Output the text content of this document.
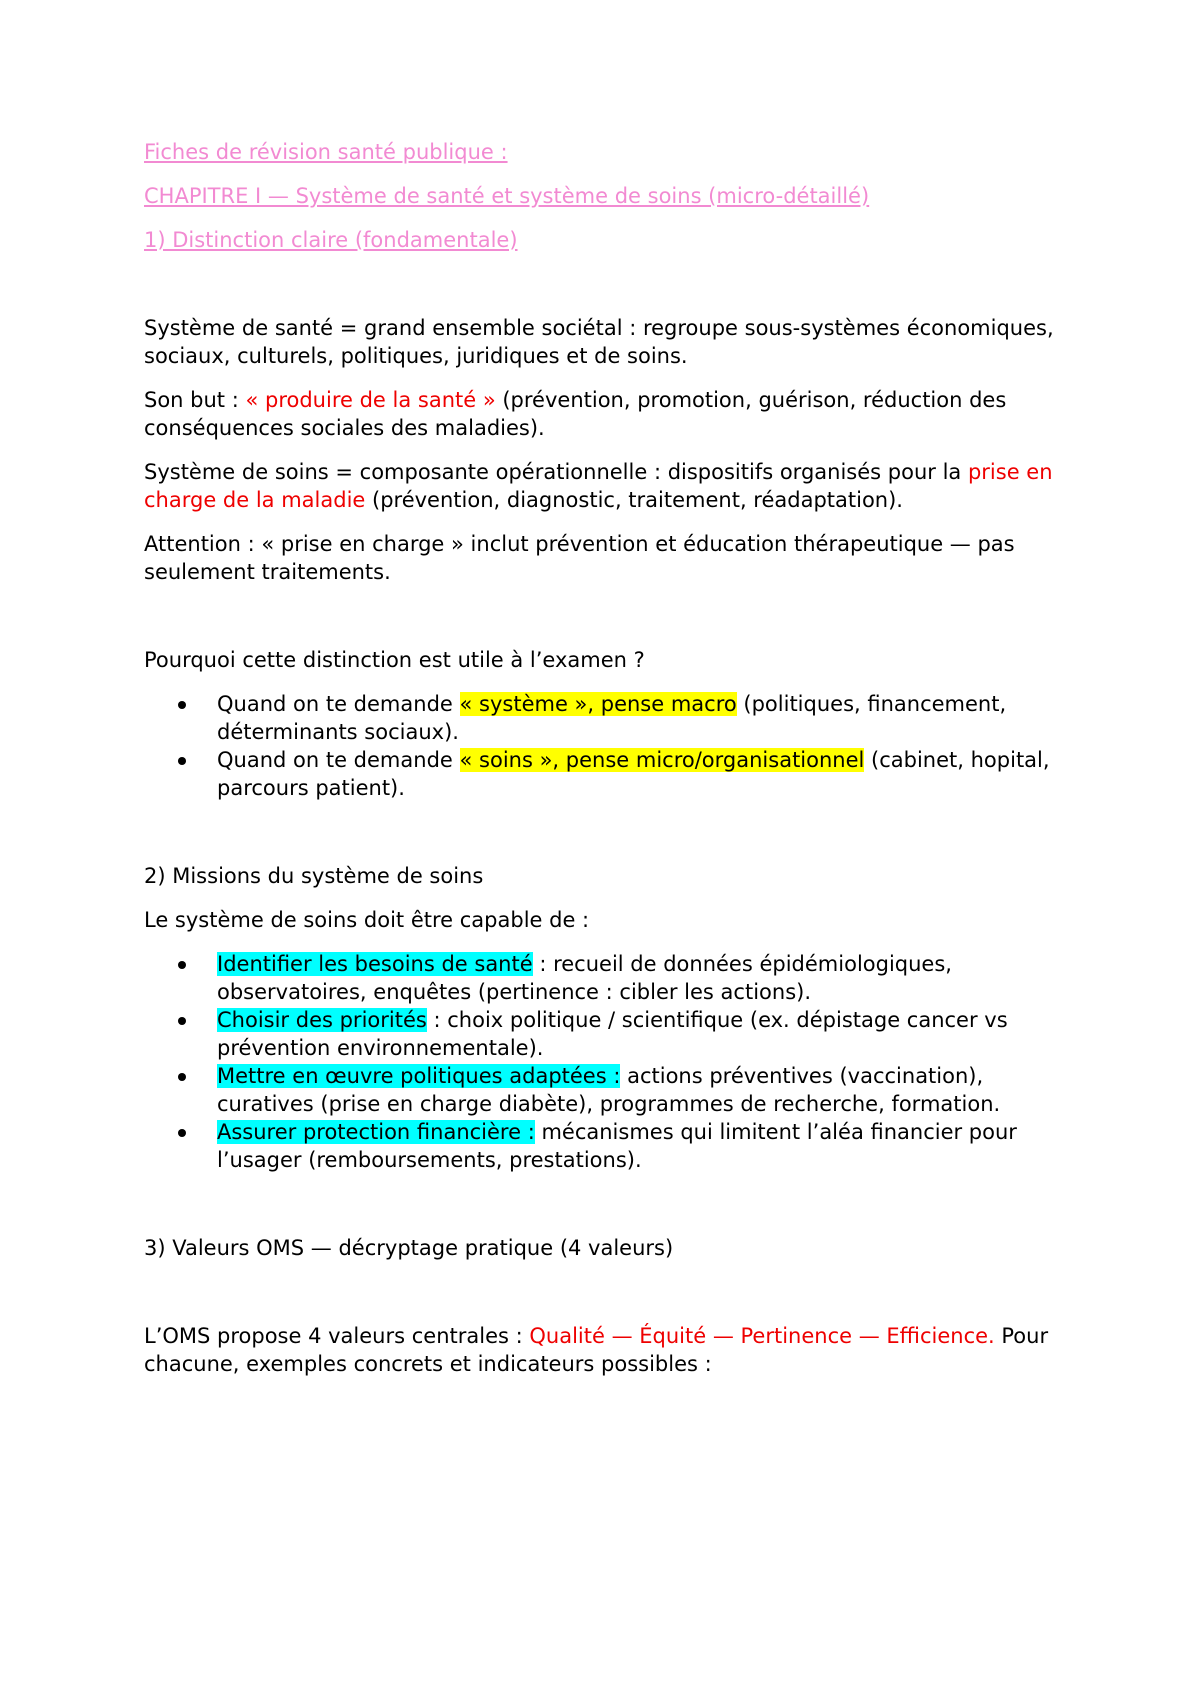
Fiches de révision santé publique :
CHAPITRE I — Système de santé et système de soins (micro-détaillé)
1) Distinction claire (fondamentale)
Système de santé = grand ensemble sociétal : regroupe sous-systèmes économiques, sociaux, culturels, politiques, juridiques et de soins.
Son but : « produire de la santé » (prévention, promotion, guérison, réduction des conséquences sociales des maladies).
Système de soins = composante opérationnelle : dispositifs organisés pour la prise en charge de la maladie (prévention, diagnostic, traitement, réadaptation).
Attention : « prise en charge » inclut prévention et éducation thérapeutique — pas seulement traitements.
Pourquoi cette distinction est utile à l’examen ?
Quand on te demande « système », pense macro (politiques, financement, déterminants sociaux).
Quand on te demande « soins », pense micro/organisationnel (cabinet, hopital, parcours patient).
2) Missions du système de soins
Le système de soins doit être capable de :
Identifier les besoins de santé : recueil de données épidémiologiques, observatoires, enquêtes (pertinence : cibler les actions).
Choisir des priorités : choix politique / scientifique (ex. dépistage cancer vs prévention environnementale).
Mettre en œuvre politiques adaptées : actions préventives (vaccination), curatives (prise en charge diabète), programmes de recherche, formation.
Assurer protection financière : mécanismes qui limitent l’aléa financier pour l’usager (remboursements, prestations).
3) Valeurs OMS — décryptage pratique (4 valeurs)
L’OMS propose 4 valeurs centrales : Qualité — Équité — Pertinence — Efficience. Pour chacune, exemples concrets et indicateurs possibles :
